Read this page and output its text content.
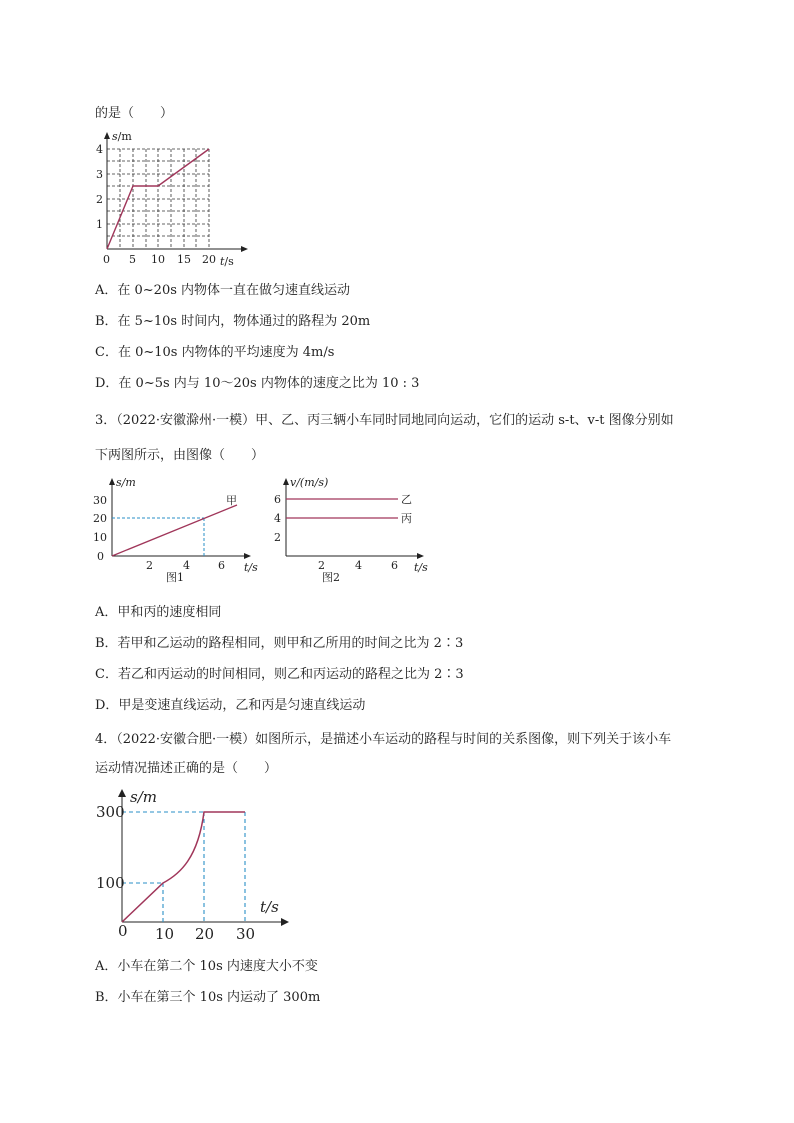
的是（　　）
s/m
1
2
3
4
0 5 10 15 20 t/s
A．在 0~20s 内物体一直在做匀速直线运动
B．在 5~10s 时间内，物体通过的路程为 20m
C．在 0~10s 内物体的平均速度为 4m/s
D．在 0~5s 内与 10～20s 内物体的速度之比为 10 : 3
3．（2022·安徽滁州·一模）甲、乙、丙三辆小车同时同地同向运动，它们的运动 s-t、v-t 图像分别如
下两图所示，由图像（　　）
s/m
0
10
20
30
2	4	6 t/s
甲
图1
v/(m/s)
2
4
6
2	4	6 t/s
乙
丙
图2
A．甲和丙的速度相同
B．若甲和乙运动的路程相同，则甲和乙所用的时间之比为 2∶3
C．若乙和丙运动的时间相同，则乙和丙运动的路程之比为 2∶3
D．甲是变速直线运动，乙和丙是匀速直线运动
4．（2022·安徽合肥·一模）如图所示，是描述小车运动的路程与时间的关系图像，则下列关于该小车
运动情况描述正确的是（　　）
s/m
100
300
0 10 20 30
t/s
A．小车在第二个 10s 内速度大小不变
B．小车在第三个 10s 内运动了 300m
